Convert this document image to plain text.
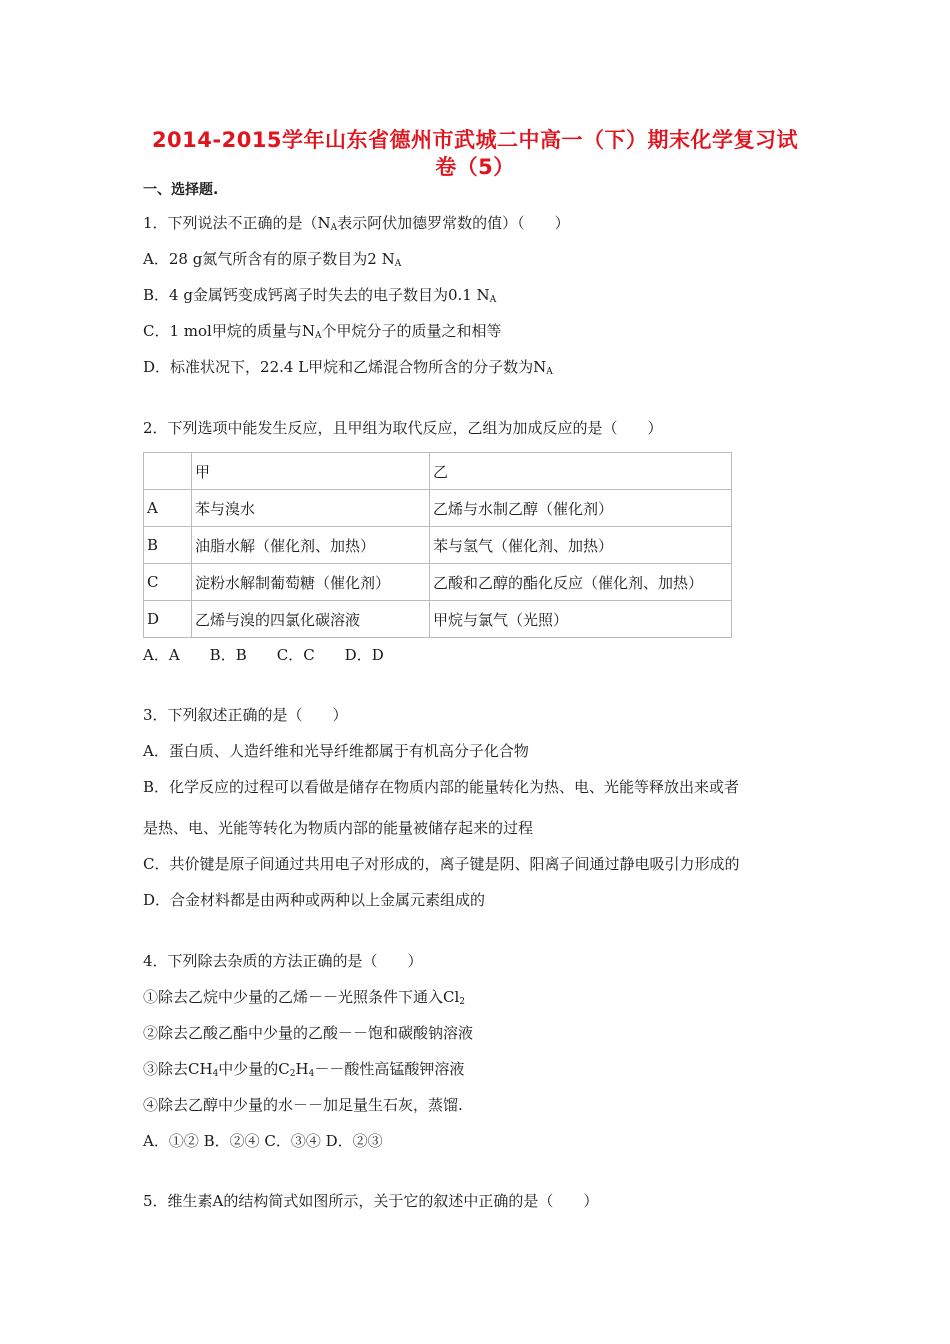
2014-2015学年山东省德州市武城二中高一（下）期末化学复习试
卷（5）
一、选择题.
1．下列说法不正确的是（$N_A$表示阿伏加德罗常数的值）（　　）
A．28 g氮气所含有的原子数目为2 $N_A$
B．4 g金属钙变成钙离子时失去的电子数目为0.1 $N_A$
C．1 mol甲烷的质量与$N_A$个甲烷分子的质量之和相等
D．标准状况下，22.4 L甲烷和乙烯混合物所含的分子数为$N_A$
2．下列选项中能发生反应，且甲组为取代反应，乙组为加成反应的是（　　）
	甲	乙
A	苯与溴水	乙烯与水制乙醇（催化剂）
B	油脂水解（催化剂、加热）	苯与氢气（催化剂、加热）
C	淀粉水解制葡萄糖（催化剂）	乙酸和乙醇的酯化反应（催化剂、加热）
D	乙烯与溴的四氯化碳溶液	甲烷与氯气（光照）
A．A　　B．B　　C．C　　D．D
3．下列叙述正确的是（　　）
A．蛋白质、人造纤维和光导纤维都属于有机高分子化合物
B．化学反应的过程可以看做是储存在物质内部的能量转化为热、电、光能等释放出来或者
是热、电、光能等转化为物质内部的能量被储存起来的过程
C．共价键是原子间通过共用电子对形成的，离子键是阴、阳离子间通过静电吸引力形成的
D．合金材料都是由两种或两种以上金属元素组成的
4．下列除去杂质的方法正确的是（　　）
①除去乙烷中少量的乙烯－－光照条件下通入$Cl_2$
②除去乙酸乙酯中少量的乙酸－－饱和碳酸钠溶液
③除去$CH_4$中少量的$C_2H_4--$酸性高锰酸钾溶液
④除去乙醇中少量的水－－加足量生石灰，蒸馏.
A．①② B．②④ C．③④ D．②③
5．维生素A的结构简式如图所示，关于它的叙述中正确的是（　　）
